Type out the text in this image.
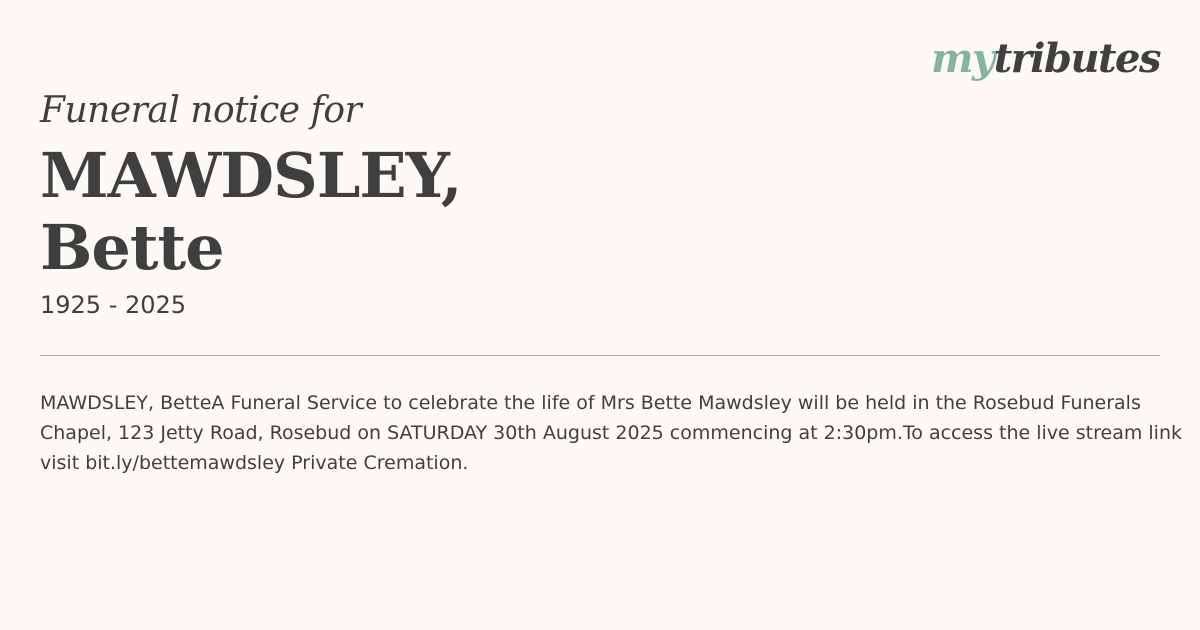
mytributes

Funeral notice for

MAWDSLEY,
Bette
1925 - 2025

MAWDSLEY, BetteA Funeral Service to celebrate the life of Mrs Bette Mawdsley will be held in the Rosebud Funerals Chapel, 123 Jetty Road, Rosebud on SATURDAY 30th August 2025 commencing at 2:30pm.To access the live stream link visit bit.ly/bettemawdsley Private Cremation.
